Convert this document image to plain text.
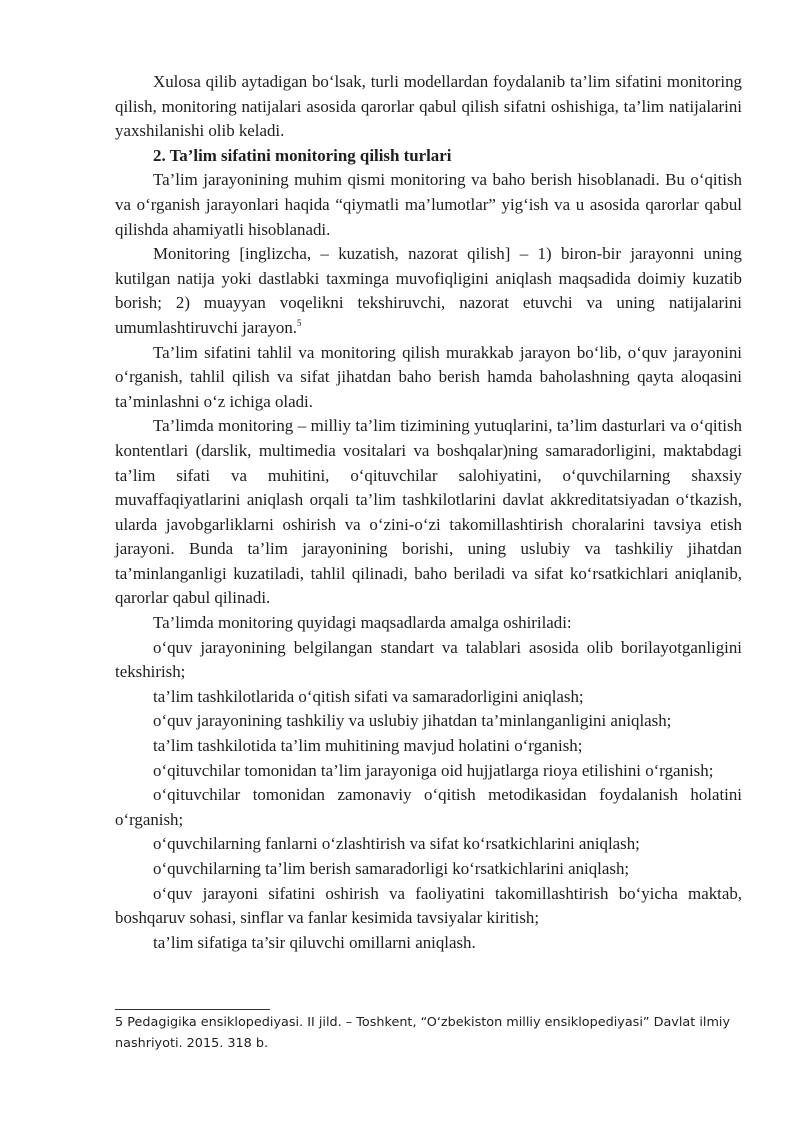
Xulosa qilib aytadigan bo‘lsak, turli modellardan foydalanib ta’lim sifatini monitoring qilish, monitoring natijalari asosida qarorlar qabul qilish sifatni oshishiga, ta’lim natijalarini yaxshilanishi olib keladi.

2. Ta’lim sifatini monitoring qilish turlari

Ta’lim jarayonining muhim qismi monitoring va baho berish hisoblanadi. Bu o‘qitish va o‘rganish jarayonlari haqida “qiymatli ma’lumotlar” yig‘ish va u asosida qarorlar qabul qilishda ahamiyatli hisoblanadi.

Monitoring [inglizcha, – kuzatish, nazorat qilish] – 1) biron-bir jarayonni uning kutilgan natija yoki dastlabki taxminga muvofiqligini aniqlash maqsadida doimiy kuzatib borish; 2) muayyan voqelikni tekshiruvchi, nazorat etuvchi va uning natijalarini umumlashtiruvchi jarayon.$^5$

Ta’lim sifatini tahlil va monitoring qilish murakkab jarayon bo‘lib, o‘quv jarayonini o‘rganish, tahlil qilish va sifat jihatdan baho berish hamda baholashning qayta aloqasini ta’minlashni o‘z ichiga oladi.

Ta’limda monitoring – milliy ta’lim tizimining yutuqlarini, ta’lim dasturlari va o‘qitish kontentlari (darslik, multimedia vositalari va boshqalar)ning samaradorligini, maktabdagi ta’lim sifati va muhitini, o‘qituvchilar salohiyatini, o‘quvchilarning shaxsiy muvaffaqiyatlarini aniqlash orqali ta’lim tashkilotlarini davlat akkreditatsiyadan o‘tkazish, ularda javobgarliklarni oshirish va o‘zini-o‘zi takomillashtirish choralarini tavsiya etish jarayoni. Bunda ta’lim jarayonining borishi, uning uslubiy va tashkiliy jihatdan ta’minlanganligi kuzatiladi, tahlil qilinadi, baho beriladi va sifat ko‘rsatkichlari aniqlanib, qarorlar qabul qilinadi.

Ta’limda monitoring quyidagi maqsadlarda amalga oshiriladi:

o‘quv jarayonining belgilangan standart va talablari asosida olib borilayotganligini tekshirish;

ta’lim tashkilotlarida o‘qitish sifati va samaradorligini aniqlash;

o‘quv jarayonining tashkiliy va uslubiy jihatdan ta’minlanganligini aniqlash;

ta’lim tashkilotida ta’lim muhitining mavjud holatini o‘rganish;

o‘qituvchilar tomonidan ta’lim jarayoniga oid hujjatlarga rioya etilishini o‘rganish;

o‘qituvchilar tomonidan zamonaviy o‘qitish metodikasidan foydalanish holatini o‘rganish;

o‘quvchilarning fanlarni o‘zlashtirish va sifat ko‘rsatkichlarini aniqlash;

o‘quvchilarning ta’lim berish samaradorligi ko‘rsatkichlarini aniqlash;

o‘quv jarayoni sifatini oshirish va faoliyatini takomillashtirish bo‘yicha maktab, boshqaruv sohasi, sinflar va fanlar kesimida tavsiyalar kiritish;

ta’lim sifatiga ta’sir qiluvchi omillarni aniqlash.

5 Pedagigika ensiklopediyasi. II jild. – Toshkent, “O‘zbekiston milliy ensiklopediyasi” Davlat ilmiy nashriyoti. 2015. 318 b.
